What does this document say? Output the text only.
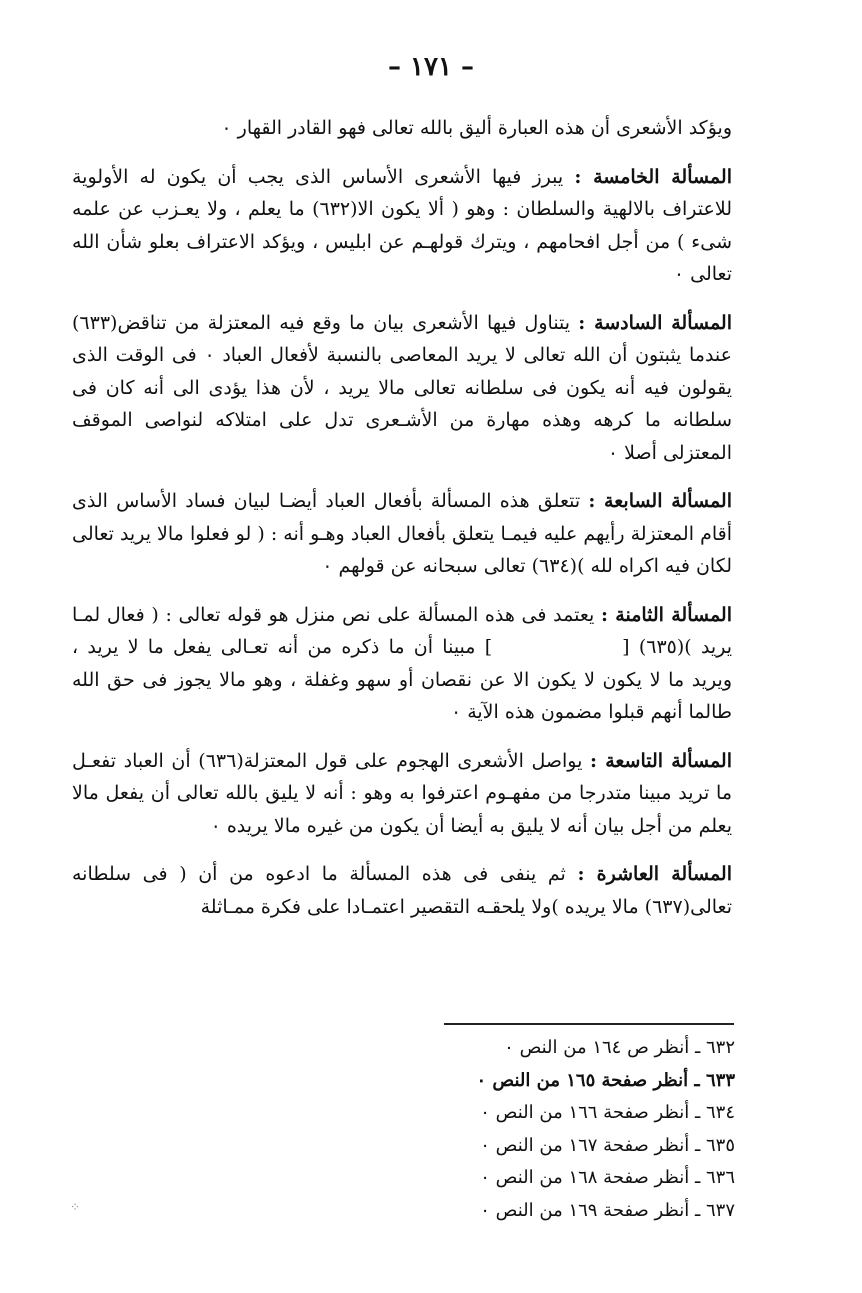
– ١٧١ –

ويؤكد الأشعرى أن هذه العبارة أليق بالله تعالى فهو القادر القهار ٠

المسألة الخامسة : يبرز فيها الأشعرى الأساس الذى يجب أن يكون له الأولوية للاعتراف بالالهية والسلطان : وهو ( ألا يكون الا(٦٣٢) ما يعلم ، ولا يعـزب عن علمه شىء ) من أجل افحامهم ، ويترك قولهـم عن ابليس ، ويؤكد الاعتراف بعلو شأن الله تعالى ٠

المسألة السادسة : يتناول فيها الأشعرى بيان ما وقع فيه المعتزلة من تناقض(٦٣٣) عندما يثبتون أن الله تعالى لا يريد المعاصى بالنسبة لأفعال العباد ٠ فى الوقت الذى يقولون فيه أنه يكون فى سلطانه تعالى مالا يريد ، لأن هذا يؤدى الى أنه كان فى سلطانه ما كرهه وهذه مهارة من الأشـعرى تدل على امتلاكه لنواصى الموقف المعتزلى أصلا ٠

المسألة السابعة : تتعلق هذه المسألة بأفعال العباد أيضـا لبيان فساد الأساس الذى أقام المعتزلة رأيهم عليه فيمـا يتعلق بأفعال العباد وهـو أنه : ( لو فعلوا مالا يريد تعالى لكان فيه اكراه لله )(٦٣٤) تعالى سبحانه عن قولهم ٠

المسألة الثامنة : يعتمد فى هذه المسألة على نص منزل هو قوله تعالى : ( فعال لمـا يريد )(٦٣٥) [] مبينا أن ما ذكره من أنه تعـالى يفعل ما لا يريد ، ويريد ما لا يكون لا يكون الا عن نقصان أو سهو وغفلة ، وهو مالا يجوز فى حق الله طالما أنهم قبلوا مضمون هذه الآية ٠

المسألة التاسعة : يواصل الأشعرى الهجوم على قول المعتزلة(٦٣٦) أن العباد تفعـل ما تريد مبينا متدرجا من مفهـوم اعترفوا به وهو : أنه لا يليق بالله تعالى أن يفعل مالا يعلم من أجل بيان أنه لا يليق به أيضا أن يكون من غيره مالا يريده ٠

المسألة العاشرة : ثم ينفى فى هذه المسألة ما ادعوه من أن ( فى سلطانه تعالى(٦٣٧) مالا يريده )ولا يلحقـه التقصير اعتمـادا على فكرة ممـاثلة

٦٣٢ ـ أنظر ص ١٦٤ من النص ٠
٦٣٣ ـ أنظر صفحة ١٦٥ من النص ٠
٦٣٤ ـ أنظر صفحة ١٦٦ من النص ٠
٦٣٥ ـ أنظر صفحة ١٦٧ من النص ٠
٦٣٦ ـ أنظر صفحة ١٦٨ من النص ٠
٦٣٧ ـ أنظر صفحة ١٦٩ من النص ٠
⁘
